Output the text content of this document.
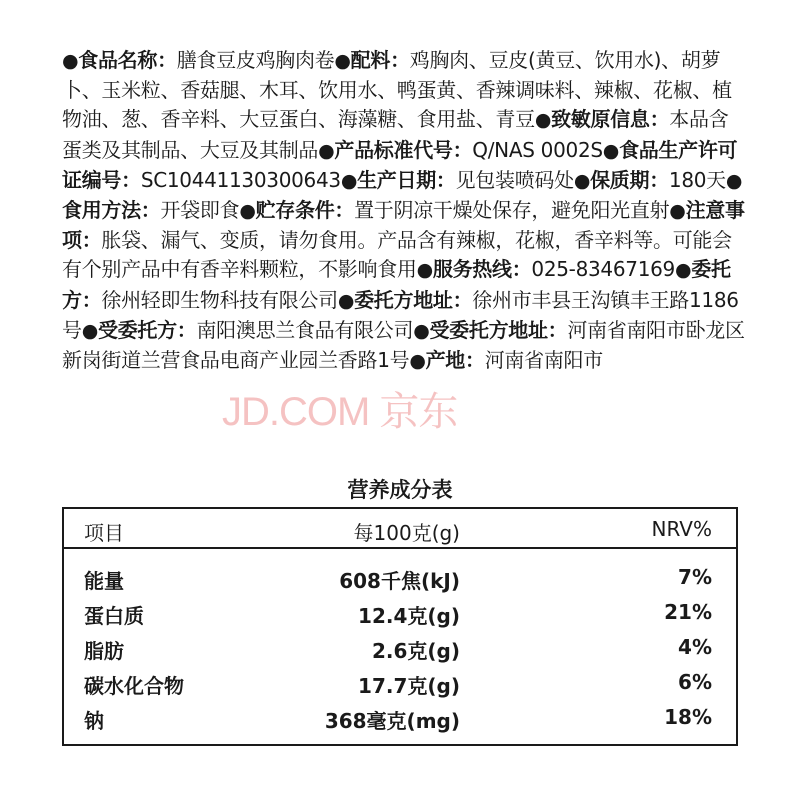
●食品名称：膳食豆皮鸡胸肉卷●配料：鸡胸肉、豆皮(黄豆、饮用水)、胡萝卜、玉米粒、香菇腿、木耳、饮用水、鸭蛋黄、香辣调味料、辣椒、花椒、植物油、葱、香辛料、大豆蛋白、海藻糖、食用盐、青豆●致敏原信息：本品含蛋类及其制品、大豆及其制品●产品标准代号：Q/NAS 0002S●食品生产许可证编号：SC10441130300643●生产日期：见包装喷码处●保质期：180天●食用方法：开袋即食●贮存条件：置于阴凉干燥处保存，避免阳光直射●注意事项：胀袋、漏气、变质，请勿食用。产品含有辣椒，花椒，香辛料等。可能会有个别产品中有香辛料颗粒，不影响食用●服务热线：025-83467169●委托方：徐州轻即生物科技有限公司●委托方地址：徐州市丰县王沟镇丰王路1186号●受委托方：南阳澳思兰食品有限公司●受委托方地址：河南省南阳市卧龙区新岗街道兰营食品电商产业园兰香路1号●产地：河南省南阳市
JD.COM 京东
营养成分表
项目	每100克(g)	NRV%
能量	608千焦(kJ)	7%
蛋白质	12.4克(g)	21%
脂肪	2.6克(g)	4%
碳水化合物	17.7克(g)	6%
钠	368毫克(mg)	18%
